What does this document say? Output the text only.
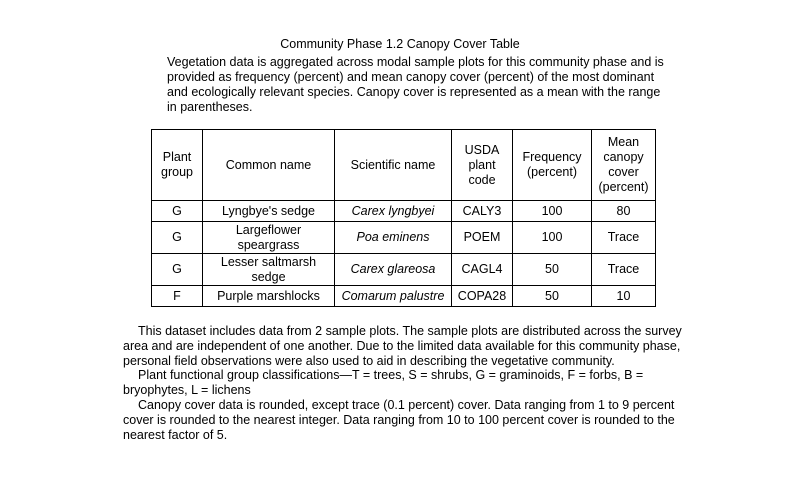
Community Phase 1.2 Canopy Cover Table
Vegetation data is aggregated across modal sample plots for this community phase and is provided as frequency (percent) and mean canopy cover (percent) of the most dominant and ecologically relevant species. Canopy cover is represented as a mean with the range in parentheses.
Plant group	Common name	Scientific name	USDA plant code	Frequency (percent)	Mean canopy cover (percent)
G	Lyngbye's sedge	Carex lyngbyei	CALY3	100	80
G	Largeflower speargrass	Poa eminens	POEM	100	Trace
G	Lesser saltmarsh sedge	Carex glareosa	CAGL4	50	Trace
F	Purple marshlocks	Comarum palustre	COPA28	50	10

This dataset includes data from 2 sample plots. The sample plots are distributed across the survey area and are independent of one another. Due to the limited data available for this community phase, personal field observations were also used to aid in describing the vegetative community.

Plant functional group classifications—T = trees, S = shrubs, G = graminoids, F = forbs, B = bryophytes, L = lichens

Canopy cover data is rounded, except trace (0.1 percent) cover. Data ranging from 1 to 9 percent cover is rounded to the nearest integer. Data ranging from 10 to 100 percent cover is rounded to the nearest factor of 5.
